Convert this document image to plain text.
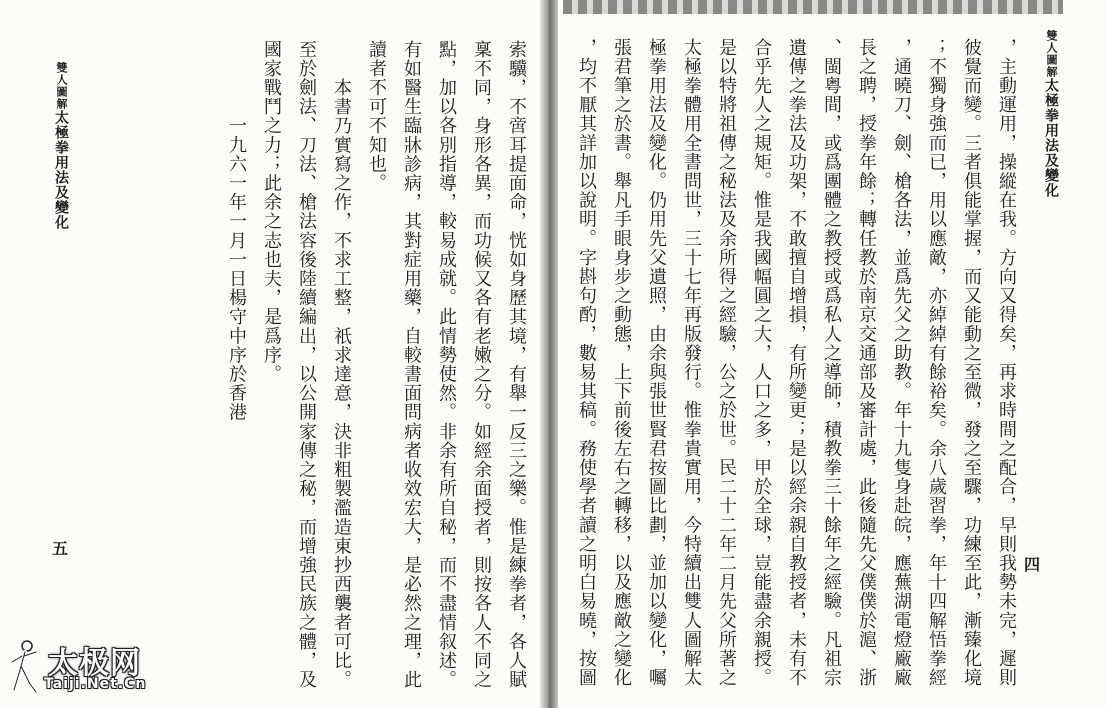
雙人圖解太極拳用法及變化
雙人圖解太極拳用法及變化
四
五	，主動運用，操縱在我。方向又得矣，再求時間之配合，早則我勢未完，遲則
彼覺而變。三者俱能掌握，而又能動之至微，發之至驟，功練至此，漸臻化境
；不獨身強而已，用以應敵，亦綽綽有餘裕矣。余八歲習拳，年十四解悟拳經
，通曉刀、劍、槍各法，並爲先父之助教。年十九隻身赴皖，應蕪湖電燈廠廠
長之聘，授拳年餘；轉任教於南京交通部及審計處，此後隨先父僕僕於滬、浙
、閩粤間，或爲團體之教授或爲私人之導師，積教拳三十餘年之經驗。凡祖宗
遺傳之拳法及功架，不敢擅自增損，有所變更；是以經余親自教授者，未有不
合乎先人之規矩。惟是我國幅圓之大，人口之多，甲於全球，豈能盡余親授。
是以特將祖傳之秘法及余所得之經驗，公之於世。民二十二年二月先父所著之
太極拳體用全書問世，三十七年再版發行。惟拳貴實用，今特續出雙人圖解太
極拳用法及變化。仍用先父遺照，由余與張世賢君按圖比劃，並加以變化，囑
張君筆之於書。舉凡手眼身步之動態，上下前後左右之轉移，以及應敵之變化
，均不厭其詳加以說明。字斟句酌，數易其稿。務使學者讀之明白易曉，按圖
索驥，不啻耳提面命，恍如身歷其境，有舉一反三之樂。惟是練拳者，各人賦
稟不同，身形各異，而功候又各有老嫩之分。如經余面授者，則按各人不同之
點，加以各別指導，較易成就。此情勢使然。非余有所自秘，而不盡情叙述。
有如醫生臨牀診病，其對症用藥，自較書面問病者收效宏大，是必然之理，此
讀者不可不知也。
　　本書乃實寫之作，不求工整，祇求達意，決非粗製濫造東抄西襲者可比。
至於劍法、刀法、槍法容後陸續編出，以公開家傳之秘，而增強民族之體，及
國家戰鬥之力；此余之志也夫，是爲序。
　　　　一九六一年一月一日楊守中序於香港
太极网
Taiji.Net.Cn
